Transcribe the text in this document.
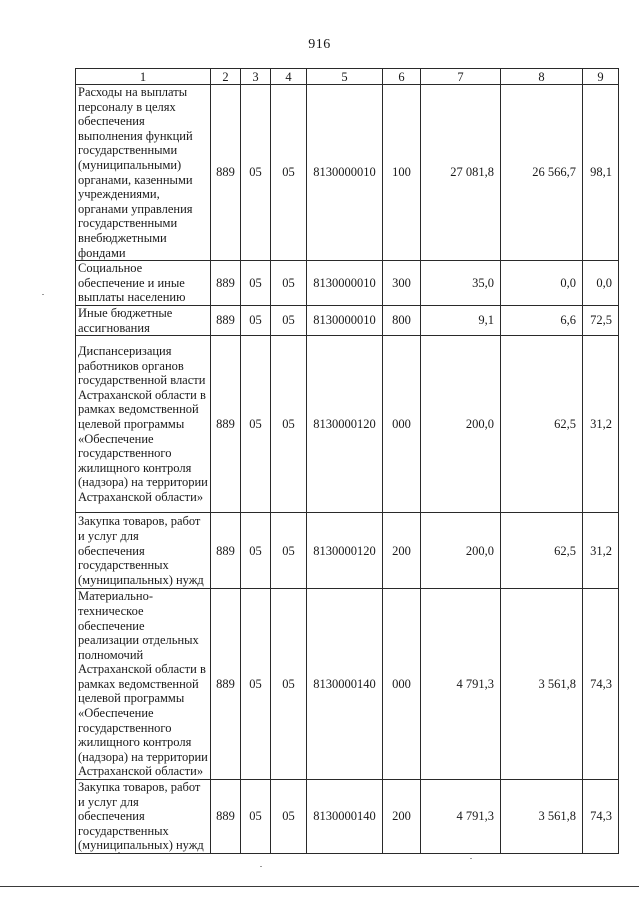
916
1	2	3	4	5	6	7	8	9
Расходы на выплаты персоналу в целях обеспечения выполнения функций государственными (муниципальными) органами, казенными учреждениями, органами управления государственными внебюджетными фондами	889	05	05	8130000010	100	27 081,8	26 566,7	98,1
Социальное обеспечение и иные выплаты населению	889	05	05	8130000010	300	35,0	0,0	0,0
Иные бюджетные ассигнования	889	05	05	8130000010	800	9,1	6,6	72,5
Диспансеризация работников органов государственной власти Астраханской области в рамках ведомственной целевой программы «Обеспечение государственного жилищного контроля (надзора) на территории Астраханской области»	889	05	05	8130000120	000	200,0	62,5	31,2
Закупка товаров, работ и услуг для обеспечения государственных (муниципальных) нужд	889	05	05	8130000120	200	200,0	62,5	31,2
Материально-техническое обеспечение реализации отдельных полномочий Астраханской области в рамках ведомственной целевой программы «Обеспечение государственного жилищного контроля (надзора) на территории Астраханской области»	889	05	05	8130000140	000	4 791,3	3 561,8	74,3
Закупка товаров, работ и услуг для обеспечения государственных (муниципальных) нужд	889	05	05	8130000140	200	4 791,3	3 561,8	74,3
